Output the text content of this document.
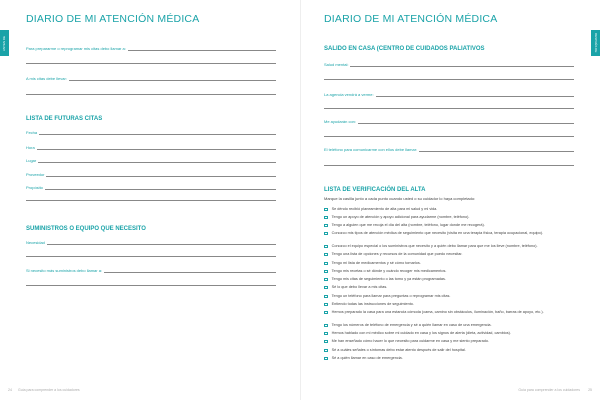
ANTES DE
DIARIO DE MI ATENCIÓN MÉDICA
Para prepararme o reprogramar mis citas debo llamar a:
A mis citas debe llevar:
LISTA DE FUTURAS CITAS
Fecha
Hora
Lugar
Proveedor
Propósito
SUMINISTROS O EQUIPO QUE NECESITO
Necesidad
Si necesito más suministros debo llamar a:
24 Guía para comprender a los cuidadores
DESPUÉS DE
DIARIO DE MI ATENCIÓN MÉDICA
SALIDO EN CASA (CENTRO DE CUIDADOS PALIATIVOS
Salud mental:
La agencia vendrá a verme:
Me ayudarán con:
El teléfono para comunicarme con ellos debe llamar:
LISTA DE VERIFICACIÓN DEL ALTA
Marque la casilla junto a cada punto cuando usted o su cuidador lo haya completado:
Guía para comprender a los cuidadores 25
Se déndo recibió planeamiento de alta para mi salud y mi vida.
Tengo un apoyo de atención y apoyo adicional para ayudarme (nombre, teléfono).
Tengo a alguien que me recoja el día del alta (nombre, teléfono, lugar donde me recogerá).
Conozco mis tipos de atención médica de seguimiento que necesito (visita en una terapia física, terapia ocupacional, equipo).
Conozco el equipo especial o los suministros que necesito y a quién debo llamar para que me los lleve (nombre, teléfono).
Tengo una lista de opciones y recursos de la comunidad que puedo necesitar.
Tengo mi lista de medicamentos y sé cómo tomarlos.
Tengo mis recetas o sé dónde y cuándo recoger mis medicamentos.
Tengo mis citas de seguimiento o las tomo y ya están programadas.
Sé lo que debo llevar a mis citas.
Tengo un teléfono para llamar para preguntas o reprogramar mis citas.
Entiendo todas las instrucciones de seguimiento.
Hemos preparado la casa para una estancia cómoda (cama, camino sin obstáculos, iluminación, baño, barras de apoyo, etc.).
Tengo los números de teléfono de emergencia y sé a quién llamar en caso de una emergencia.
Hemos hablado con mi médico sobre mi cuidado en casa y los signos de alerta (dieta, actividad, cambios).
Me han enseñado cómo hacer lo que necesito para cuidarme en casa y me siento preparado.
Sé a cuáles señales o síntomas debo estar atento después de salir del hospital.
Sé a quién llamar en caso de emergencia.
